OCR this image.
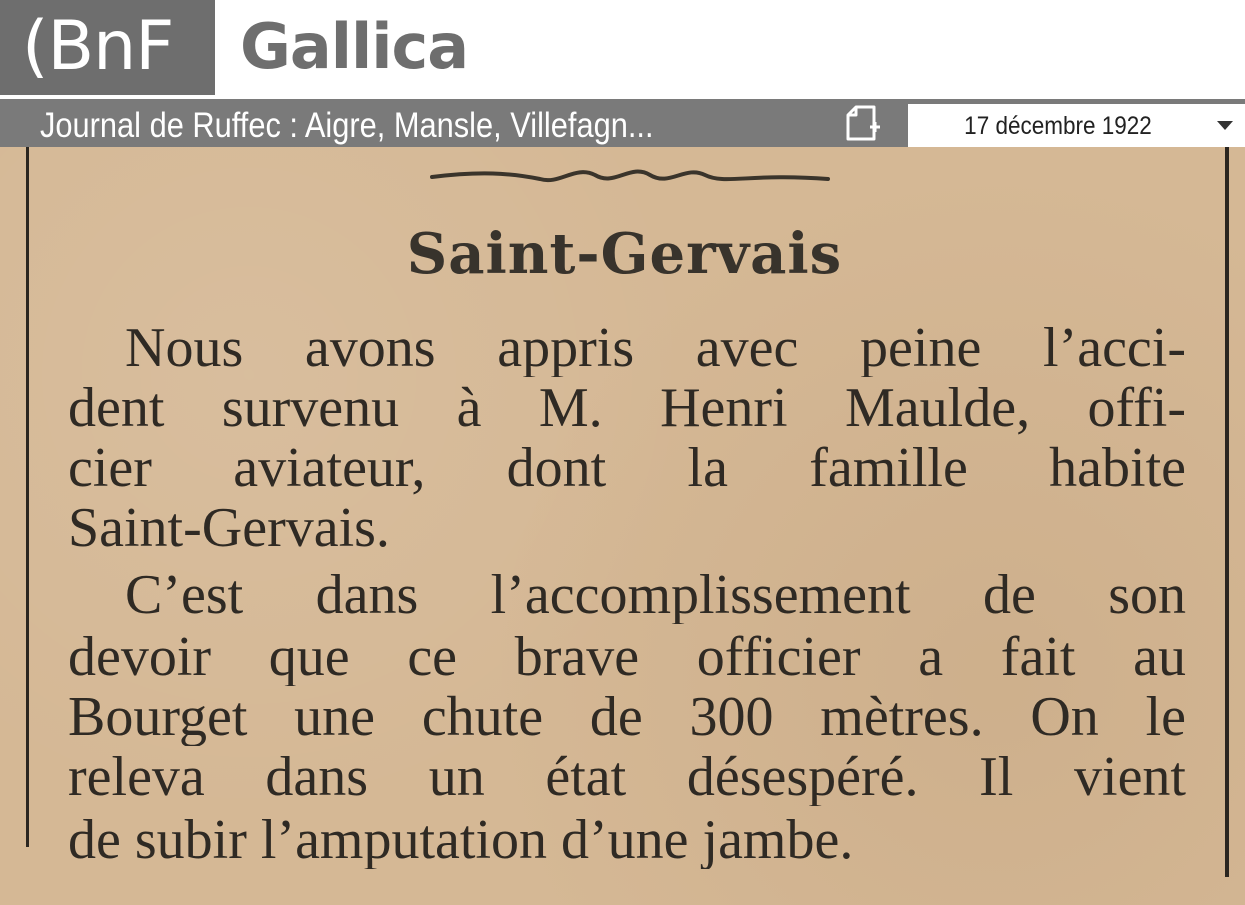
(BnF Gallica
Journal de Ruffec : Aigre, Mansle, Villefagn...	17 décembre 1922
Saint-Gervais
Nous avons appris avec peine l’acci-
dent survenu à M. Henri Maulde, offi-
cier aviateur, dont la famille habite
Saint-Gervais.
C’est dans l’accomplissement de son
devoir que ce brave officier a fait au
Bourget une chute de 300 mètres. On le
releva dans un état désespéré. Il vient
de subir l’amputation d’une jambe.
